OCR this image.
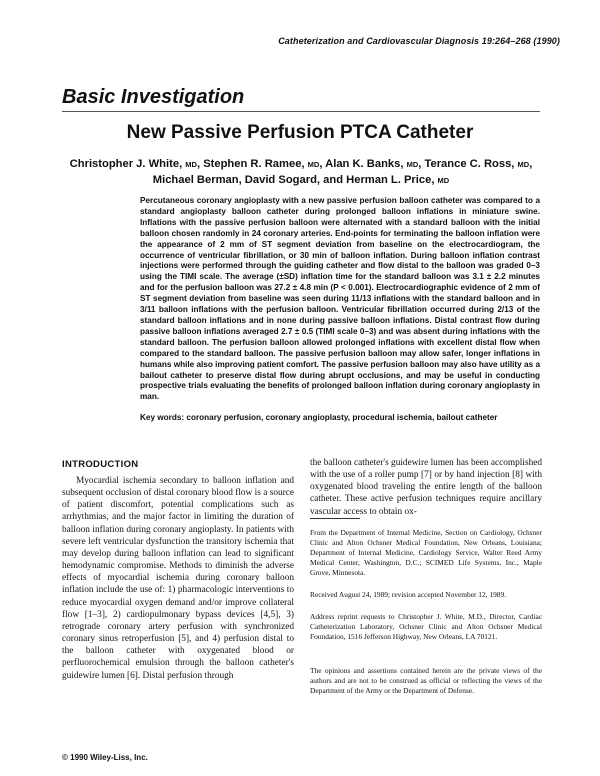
Catheterization and Cardiovascular Diagnosis 19:264–268 (1990)
Basic Investigation
New Passive Perfusion PTCA Catheter
Christopher J. White, MD, Stephen R. Ramee, MD, Alan K. Banks, MD, Terance C. Ross, MD,
Michael Berman, David Sogard, and Herman L. Price, MD

Percutaneous coronary angioplasty with a new passive perfusion balloon catheter was compared to a standard angioplasty balloon catheter during prolonged balloon inflations in miniature swine. Inflations with the passive perfusion balloon were alternated with a standard balloon with the initial balloon chosen randomly in 24 coronary arteries. End-points for terminating the balloon inflation were the appearance of 2 mm of ST segment deviation from baseline on the electrocardiogram, the occurrence of ventricular fibrillation, or 30 min of balloon inflation. During balloon inflation contrast injections were performed through the guiding catheter and flow distal to the balloon was graded 0–3 using the TIMI scale. The average (±SD) inflation time for the standard balloon was 3.1 ± 2.2 minutes and for the perfusion balloon was 27.2 ± 4.8 min (P < 0.001). Electrocardiographic evidence of 2 mm of ST segment deviation from baseline was seen during 11/13 inflations with the standard balloon and in 3/11 balloon inflations with the perfusion balloon. Ventricular fibrillation occurred during 2/13 of the standard balloon inflations and in none during passive balloon inflations. Distal contrast flow during passive balloon inflations averaged 2.7 ± 0.5 (TIMI scale 0–3) and was absent during inflations with the standard balloon. The perfusion balloon allowed prolonged inflations with excellent distal flow when compared to the standard balloon. The passive perfusion balloon may allow safer, longer inflations in humans while also improving patient comfort. The passive perfusion balloon may also have utility as a bailout catheter to preserve distal flow during abrupt occlusions, and may be useful in conducting prospective trials evaluating the benefits of prolonged balloon inflation during coronary angioplasty in man.

Key words: coronary perfusion, coronary angioplasty, procedural ischemia, bailout catheter

INTRODUCTION

Myocardial ischemia secondary to balloon inflation and subsequent occlusion of distal coronary blood flow is a source of patient discomfort, potential complications such as arrhythmias, and the major factor in limiting the duration of balloon inflation during coronary angioplasty. In patients with severe left ventricular dysfunction the transitory ischemia that may develop during balloon inflation can lead to significant hemodynamic compromise. Methods to diminish the adverse effects of myocardial ischemia during coronary balloon inflation include the use of: 1) pharmacologic interventions to reduce myocardial oxygen demand and/or improve collateral flow [1–3], 2) cardiopulmonary bypass devices [4,5], 3) retrograde coronary artery perfusion with synchronized coronary sinus retroperfusion [5], and 4) perfusion distal to the balloon catheter with oxygenated blood or perfluorochemical emulsion through the balloon catheter's guidewire lumen [6]. Distal perfusion through

the balloon catheter's guidewire lumen has been accomplished with the use of a roller pump [7] or by hand injection [8] with oxygenated blood traveling the entire length of the balloon catheter. These active perfusion techniques require ancillary vascular access to obtain ox-

From the Department of Internal Medicine, Section on Cardiology, Ochsner Clinic and Alton Ochsner Medical Foundation, New Orleans, Louisiana; Department of Internal Medicine, Cardiology Service, Walter Reed Army Medical Center, Washington, D.C.; SCIMED Life Systems, Inc., Maple Grove, Minnesota.

Received August 24, 1989; revision accepted November 12, 1989.

Address reprint requests to Christopher J. White, M.D., Director, Cardiac Catheterization Laboratory, Ochsner Clinic and Alton Ochsner Medical Foundation, 1516 Jefferson Highway, New Orleans, LA 70121.

The opinions and assertions contained herein are the private views of the authors and are not to be construed as official or reflecting the views of the Department of the Army or the Department of Defense.

© 1990 Wiley-Liss, Inc.
